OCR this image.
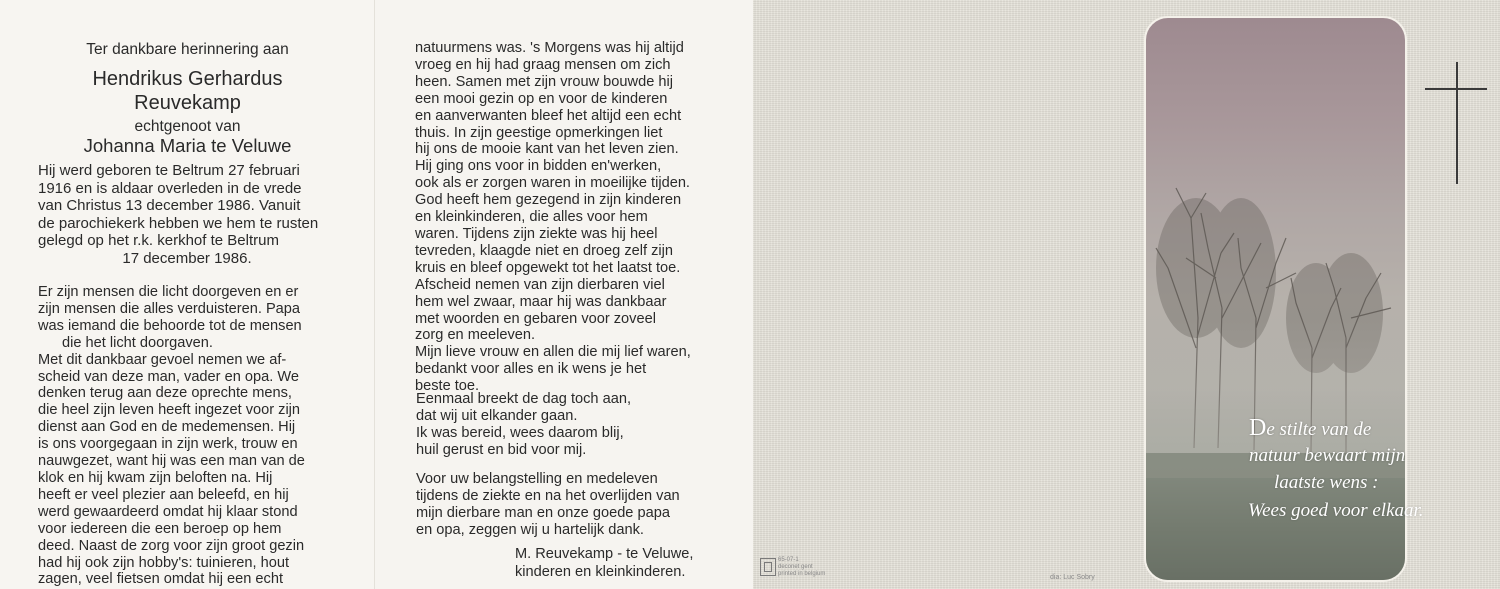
Ter dankbare herinnering aan
Hendrikus Gerhardus
Reuvekamp
echtgenoot van
Johanna Maria te Veluwe

Hij werd geboren te Beltrum 27 februari

1916 en is aldaar overleden in de vrede

van Christus 13 december 1986. Vanuit

de parochiekerk hebben we hem te rusten

gelegd op het r.k. kerkhof te Beltrum

17 december 1986.

Er zijn mensen die licht doorgeven en er

zijn mensen die alles verduisteren. Papa

was iemand die behoorde tot de mensen

die het licht doorgaven.

Met dit dankbaar gevoel nemen we af-

scheid van deze man, vader en opa. We

denken terug aan deze oprechte mens,

die heel zijn leven heeft ingezet voor zijn

dienst aan God en de medemensen. Hij

is ons voorgegaan in zijn werk, trouw en

nauwgezet, want hij was een man van de

klok en hij kwam zijn beloften na. Hij

heeft er veel plezier aan beleefd, en hij

werd gewaardeerd omdat hij klaar stond

voor iedereen die een beroep op hem

deed. Naast de zorg voor zijn groot gezin

had hij ook zijn hobby's: tuinieren, hout

zagen, veel fietsen omdat hij een echt

natuurmens was. 's Morgens was hij altijd

vroeg en hij had graag mensen om zich

heen. Samen met zijn vrouw bouwde hij

een mooi gezin op en voor de kinderen

en aanverwanten bleef het altijd een echt

thuis. In zijn geestige opmerkingen liet

hij ons de mooie kant van het leven zien.

Hij ging ons voor in bidden en'werken,

ook als er zorgen waren in moeilijke tijden.

God heeft hem gezegend in zijn kinderen

en kleinkinderen, die alles voor hem

waren. Tijdens zijn ziekte was hij heel

tevreden, klaagde niet en droeg zelf zijn

kruis en bleef opgewekt tot het laatst toe.

Afscheid nemen van zijn dierbaren viel

hem wel zwaar, maar hij was dankbaar

met woorden en gebaren voor zoveel

zorg en meeleven.

Mijn lieve vrouw en allen die mij lief waren,

bedankt voor alles en ik wens je het

beste toe.

Eenmaal breekt de dag toch aan,

dat wij uit elkander gaan.

Ik was bereid, wees daarom blij,

huil gerust en bid voor mij.

Voor uw belangstelling en medeleven

tijdens de ziekte en na het overlijden van

mijn dierbare man en onze goede papa

en opa, zeggen wij u hartelijk dank.

M. Reuvekamp - te Veluwe,

kinderen en kleinkinderen.

De stilte van de
natuur bewaart mijn
laatste wens :
Wees goed voor elkaar.
65-07-1
deconet gent
printed in belgium	dia: Luc Sobry
